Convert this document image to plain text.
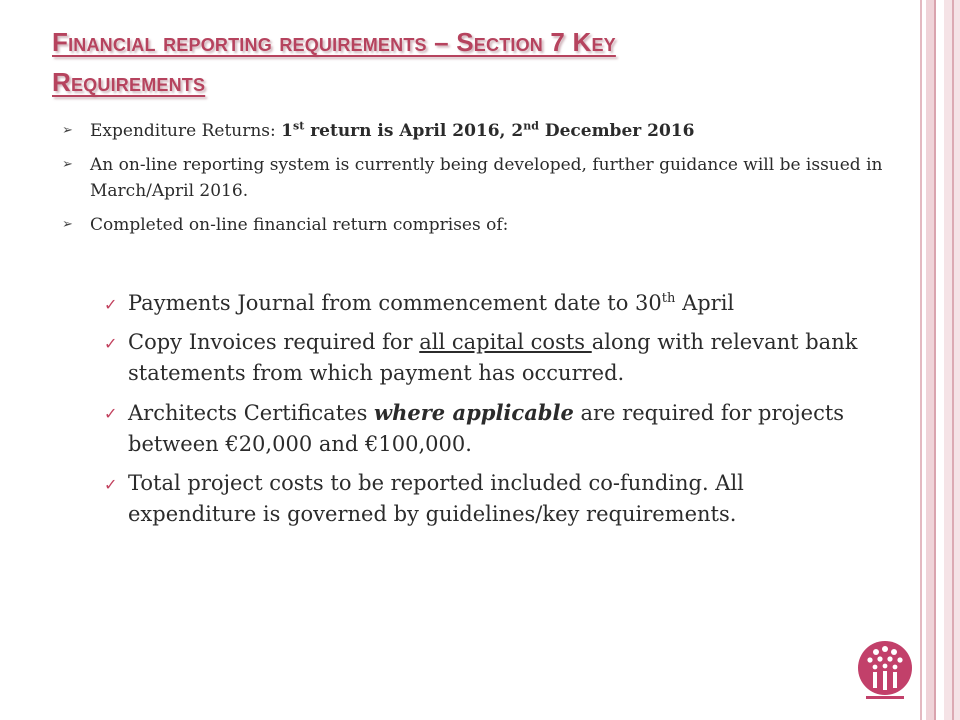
Financial reporting requirements – Section 7 Key
Requirements
➢ Expenditure Returns: 1st return is April 2016, 2nd December 2016
➢ An on-line reporting system is currently being developed, further guidance will be issued in March/April 2016.
➢ Completed on-line financial return comprises of:
✓ Payments Journal from commencement date to 30th April
✓ Copy Invoices required for all capital costs along with relevant bank statements from which payment has occurred.
✓ Architects Certificates where applicable are required for projects between €20,000 and €100,000.
✓ Total project costs to be reported included co-funding. All expenditure is governed by guidelines/key requirements.
